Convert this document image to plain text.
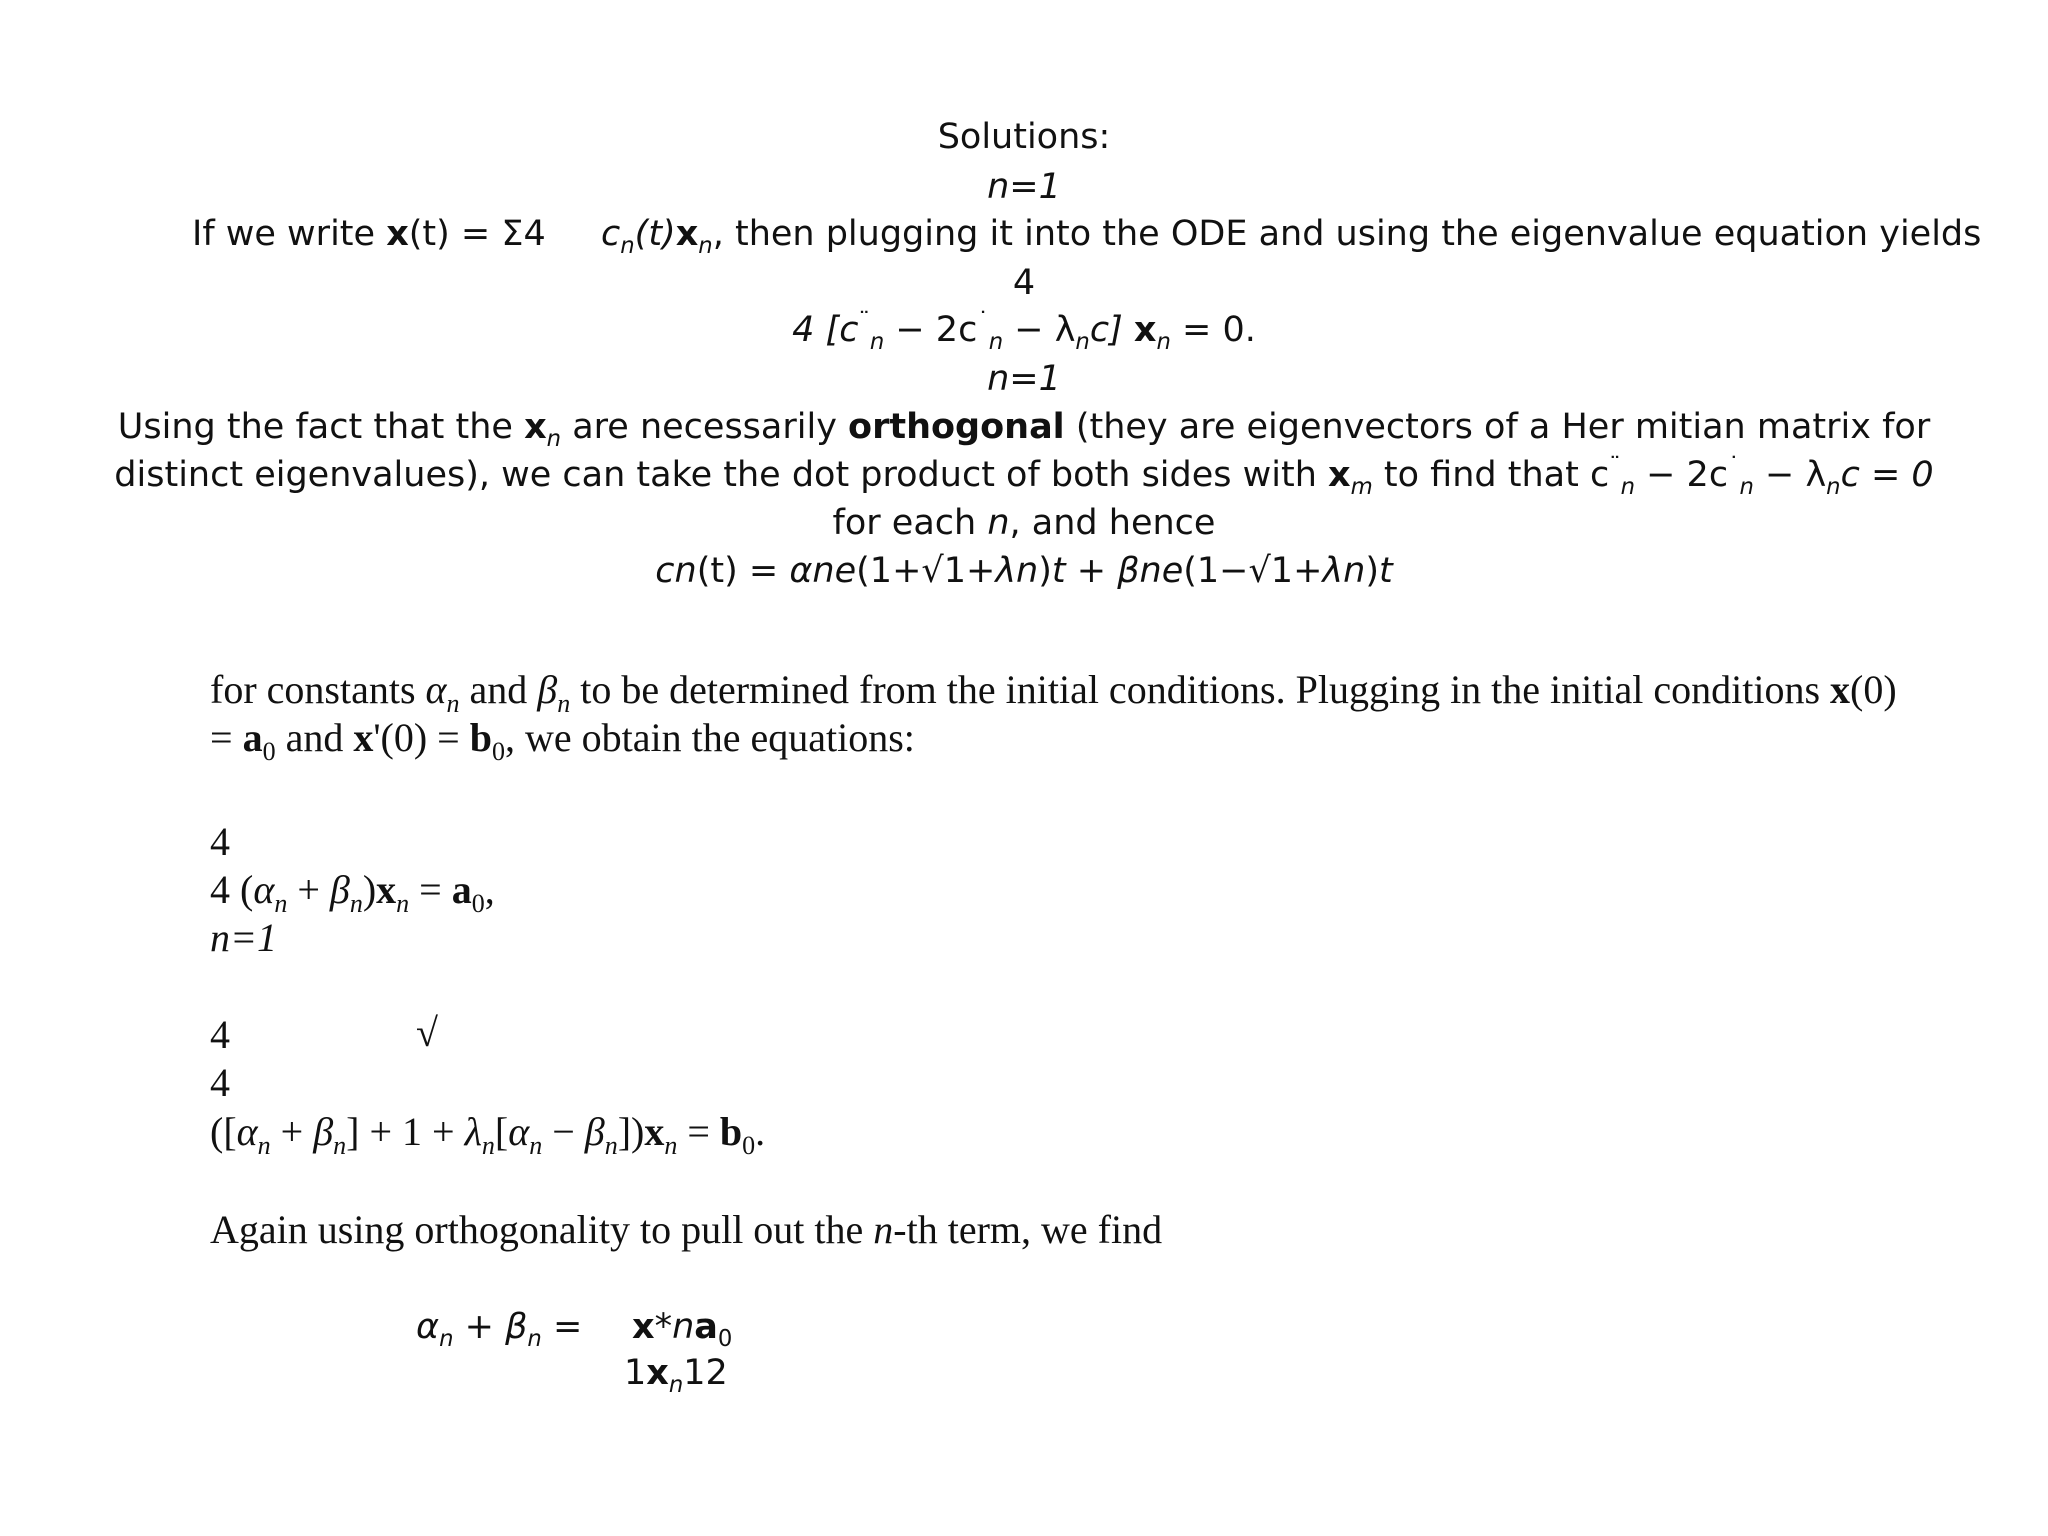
Solutions:
n=1
If we write x(t) = Σ4 $c_n(t)x_n$, then plugging it into the ODE and using the eigenvalue equation yields
4
4 $[c^¨_n - 2c^˙_n - \lambda_nc] x_n = 0$.
n=1
Using the fact that the $x_n$ are necessarily orthogonal (they are eigenvectors of a Her mitian matrix for
distinct eigenvalues), we can take the dot product of both sides with $x_m$ to find that $c^¨_n - 2c^˙_n - \lambda_nc = 0$
for each n, and hence
cn(t) = αne(1+√1+λn)t + βne(1−√1+λn)t
for constants $\alpha_n$ and $\beta_n$ to be determined from the initial conditions. Plugging in the initial conditions x(0)
= $a_0$ and $x'(0) = b_0$, we obtain the equations:
4
4 $(\alpha_n + \beta_n)x_n = a_0$,
n=1
4	√
4
$([\alpha_n + \beta_n] + 1 + \lambda_n[\alpha_n - \beta_n])x_n = b_0$.
Again using orthogonality to pull out the n-th term, we find
$\alpha_n + \beta_n = x*na_0$
$1x_n12$
